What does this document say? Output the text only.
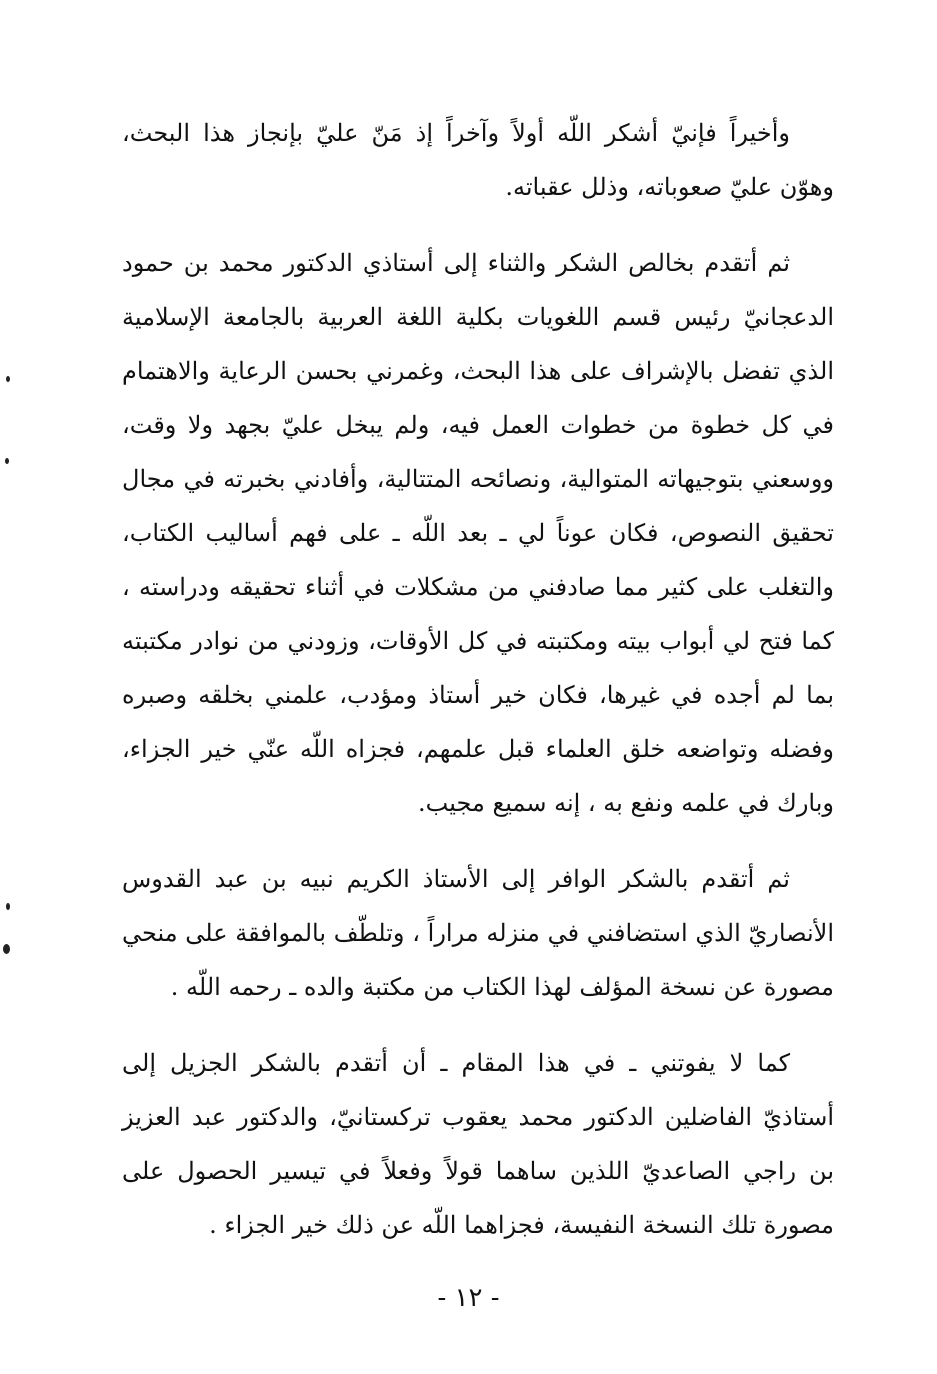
وأخيراً فإنيّ أشكر اللّه أولاً وآخراً إذ مَنّ عليّ بإنجاز هذا البحث، وهوّن عليّ صعوباته، وذلل عقباته.

ثم أتقدم بخالص الشكر والثناء إلى أستاذي الدكتور محمد بن حمود الدعجانيّ رئيس قسم اللغويات بكلية اللغة العربية بالجامعة الإسلامية الذي تفضل بالإشراف على هذا البحث، وغمرني بحسن الرعاية والاهتمام في كل خطوة من خطوات العمل فيه، ولم يبخل عليّ بجهد ولا وقت، ووسعني بتوجيهاته المتوالية، ونصائحه المتتالية، وأفادني بخبرته في مجال تحقيق النصوص، فكان عوناً لي ـ بعد اللّه ـ على فهم أساليب الكتاب، والتغلب على كثير مما صادفني من مشكلات في أثناء تحقيقه ودراسته ، كما فتح لي أبواب بيته ومكتبته في كل الأوقات، وزودني من نوادر مكتبته بما لم أجده في غيرها، فكان خير أستاذ ومؤدب، علمني بخلقه وصبره وفضله وتواضعه خلق العلماء قبل علمهم، فجزاه اللّه عنّي خير الجزاء، وبارك في علمه ونفع به ، إنه سميع مجيب.

ثم أتقدم بالشكر الوافر إلى الأستاذ الكريم نبيه بن عبد القدوس الأنصاريّ الذي استضافني في منزله مراراً ، وتلطّف بالموافقة على منحي مصورة عن نسخة المؤلف لهذا الكتاب من مكتبة والده ـ رحمه اللّه .

كما لا يفوتني ـ في هذا المقام ـ أن أتقدم بالشكر الجزيل إلى أستاذيّ الفاضلين الدكتور محمد يعقوب تركستانيّ، والدكتور عبد العزيز بن راجي الصاعديّ اللذين ساهما قولاً وفعلاً في تيسير الحصول على مصورة تلك النسخة النفيسة، فجزاهما اللّه عن ذلك خير الجزاء .

- ١٢ -
